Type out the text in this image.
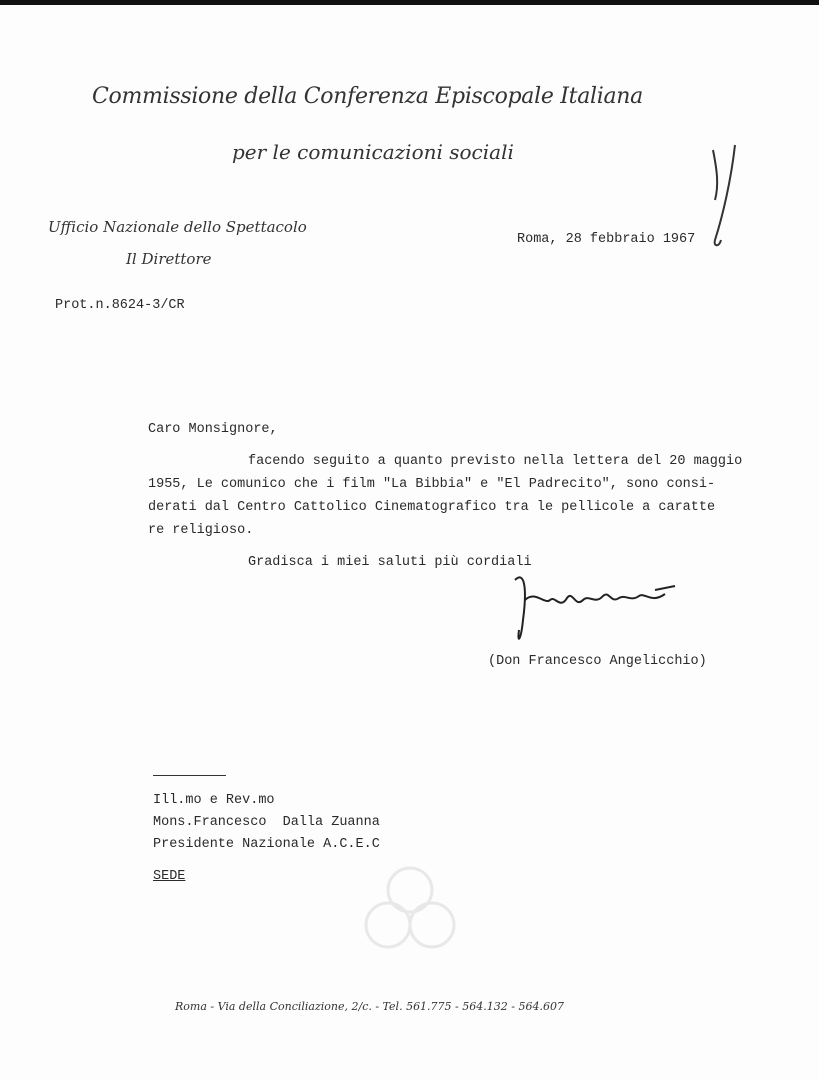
Commissione della Conferenza Episcopale Italiana
per le comunicazioni sociali
Ufficio Nazionale dello Spettacolo
Il Direttore
Roma, 28 febbraio 1967
Prot.n.8624-3/CR

Caro Monsignore,

facendo seguito a quanto previsto nella lettera del 20 maggio

1955, Le comunico che i film "La Bibbia" e "El Padrecito", sono consi-

derati dal Centro Cattolico Cinematografico tra le pellicole a caratte

re religioso.

Gradisca i miei saluti più cordiali

(Don Francesco Angelicchio)

Ill.mo e Rev.mo

Mons.Francesco  Dalla Zuanna

Presidente Nazionale A.C.E.C

SEDE

Roma - Via della Conciliazione, 2/c. - Tel. 561.775 - 564.132 - 564.607
